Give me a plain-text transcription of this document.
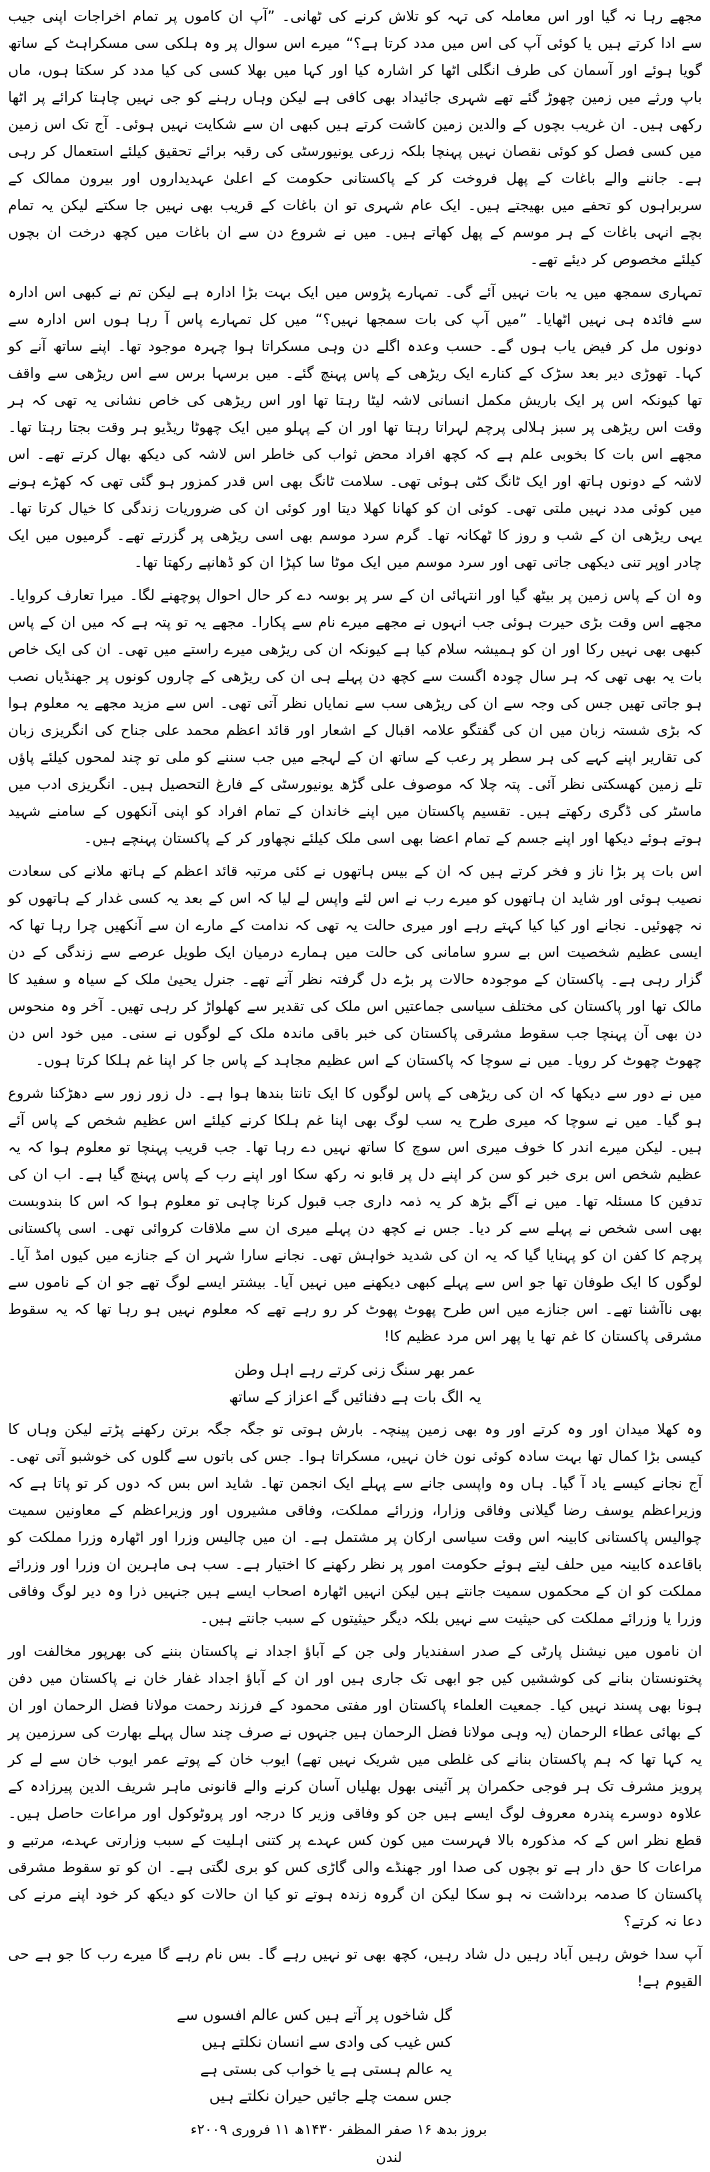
مجھے رہا نہ گیا اور اس معاملہ کی تہہ کو تلاش کرنے کی ٹھانی۔ ”آپ ان کاموں پر تمام اخراجات اپنی جیب سے ادا کرتے ہیں یا کوئی آپ کی اس میں مدد کرتا ہے؟“ میرے اس سوال پر وہ ہلکی سی مسکراہٹ کے ساتھ گویا ہوئے اور آسمان کی طرف انگلی اٹھا کر اشارہ کیا اور کہا میں بھلا کسی کی کیا مدد کر سکتا ہوں، ماں باپ ورثے میں زمین چھوڑ گئے تھے شہری جائیداد بھی کافی ہے لیکن وہاں رہنے کو جی نہیں چاہتا کرائے پر اٹھا رکھی ہیں۔ ان غریب بچوں کے والدین زمین کاشت کرتے ہیں کبھی ان سے شکایت نہیں ہوئی۔ آج تک اس زمین میں کسی فصل کو کوئی نقصان نہیں پہنچا بلکہ زرعی یونیورسٹی کی رقبہ برائے تحقیق کیلئے استعمال کر رہی ہے۔ جاننے والے باغات کے پھل فروخت کر کے پاکستانی حکومت کے اعلیٰ عہدیداروں اور بیرون ممالک کے سربراہوں کو تحفے میں بھیجتے ہیں۔ ایک عام شہری تو ان باغات کے قریب بھی نہیں جا سکتے لیکن یہ تمام بچے انہی باغات کے ہر موسم کے پھل کھاتے ہیں۔ میں نے شروع دن سے ان باغات میں کچھ درخت ان بچوں کیلئے مخصوص کر دیئے تھے۔

تمہاری سمجھ میں یہ بات نہیں آئے گی۔ تمہارے پڑوس میں ایک بہت بڑا ادارہ ہے لیکن تم نے کبھی اس ادارہ سے فائدہ ہی نہیں اٹھایا۔ ”میں آپ کی بات سمجھا نہیں؟“ میں کل تمہارے پاس آ رہا ہوں اس ادارہ سے دونوں مل کر فیض یاب ہوں گے۔ حسب وعدہ اگلے دن وہی مسکراتا ہوا چہرہ موجود تھا۔ اپنے ساتھ آنے کو کہا۔ تھوڑی دیر بعد سڑک کے کنارے ایک ریڑھی کے پاس پہنچ گئے۔ میں برسہا برس سے اس ریڑھی سے واقف تھا کیونکہ اس پر ایک باریش مکمل انسانی لاشہ لیٹا رہتا تھا اور اس ریڑھی کی خاص نشانی یہ تھی کہ ہر وقت اس ریڑھی پر سبز ہلالی پرچم لہراتا رہتا تھا اور ان کے پہلو میں ایک چھوٹا ریڈیو ہر وقت بجتا رہتا تھا۔ مجھے اس بات کا بخوبی علم ہے کہ کچھ افراد محض ثواب کی خاطر اس لاشہ کی دیکھ بھال کرتے تھے۔ اس لاشہ کے دونوں ہاتھ اور ایک ٹانگ کٹی ہوئی تھی۔ سلامت ٹانگ بھی اس قدر کمزور ہو گئی تھی کہ کھڑے ہونے میں کوئی مدد نہیں ملتی تھی۔ کوئی ان کو کھانا کھلا دیتا اور کوئی ان کی ضروریات زندگی کا خیال کرتا تھا۔ یہی ریڑھی ان کے شب و روز کا ٹھکانہ تھا۔ گرم سرد موسم بھی اسی ریڑھی پر گزرتے تھے۔ گرمیوں میں ایک چادر اوپر تنی دیکھی جاتی تھی اور سرد موسم میں ایک موٹا سا کپڑا ان کو ڈھانپے رکھتا تھا۔

وہ ان کے پاس زمین پر بیٹھ گیا اور انتہائی ان کے سر پر بوسہ دے کر حال احوال پوچھنے لگا۔ میرا تعارف کروایا۔ مجھے اس وقت بڑی حیرت ہوئی جب انہوں نے مجھے میرے نام سے پکارا۔ مجھے یہ تو پتہ ہے کہ میں ان کے پاس کبھی بھی نہیں رکا اور ان کو ہمیشہ سلام کیا ہے کیونکہ ان کی ریڑھی میرے راستے میں تھی۔ ان کی ایک خاص بات یہ بھی تھی کہ ہر سال چودہ اگست سے کچھ دن پہلے ہی ان کی ریڑھی کے چاروں کونوں پر جھنڈیاں نصب ہو جاتی تھیں جس کی وجہ سے ان کی ریڑھی سب سے نمایاں نظر آتی تھی۔ اس سے مزید مجھے یہ معلوم ہوا کہ بڑی شستہ زبان میں ان کی گفتگو علامہ اقبال کے اشعار اور قائد اعظم محمد علی جناح کی انگریزی زبان کی تقاریر اپنے کہے کی ہر سطر پر رعب کے ساتھ ان کے لہجے میں جب سننے کو ملی تو چند لمحوں کیلئے پاؤں تلے زمین کھسکتی نظر آئی۔ پتہ چلا کہ موصوف علی گڑھ یونیورسٹی کے فارغ التحصیل ہیں۔ انگریزی ادب میں ماسٹر کی ڈگری رکھتے ہیں۔ تقسیم پاکستان میں اپنے خاندان کے تمام افراد کو اپنی آنکھوں کے سامنے شہید ہوتے ہوئے دیکھا اور اپنے جسم کے تمام اعضا بھی اسی ملک کیلئے نچھاور کر کے پاکستان پہنچے ہیں۔

اس بات پر بڑا ناز و فخر کرتے ہیں کہ ان کے بیس ہاتھوں نے کئی مرتبہ قائد اعظم کے ہاتھ ملانے کی سعادت نصیب ہوئی اور شاید ان ہاتھوں کو میرے رب نے اس لئے واپس لے لیا کہ اس کے بعد یہ کسی غدار کے ہاتھوں کو نہ چھوئیں۔ نجانے اور کیا کیا کہتے رہے اور میری حالت یہ تھی کہ ندامت کے مارے ان سے آنکھیں چرا رہا تھا کہ ایسی عظیم شخصیت اس بے سرو سامانی کی حالت میں ہمارے درمیان ایک طویل عرصے سے زندگی کے دن گزار رہی ہے۔ پاکستان کے موجودہ حالات پر بڑے دل گرفتہ نظر آتے تھے۔ جنرل یحییٰ ملک کے سیاہ و سفید کا مالک تھا اور پاکستان کی مختلف سیاسی جماعتیں اس ملک کی تقدیر سے کھلواڑ کر رہی تھیں۔ آخر وہ منحوس دن بھی آن پہنچا جب سقوط مشرقی پاکستان کی خبر باقی ماندہ ملک کے لوگوں نے سنی۔ میں خود اس دن چھوٹ چھوٹ کر رویا۔ میں نے سوچا کہ پاکستان کے اس عظیم مجاہد کے پاس جا کر اپنا غم ہلکا کرتا ہوں۔

میں نے دور سے دیکھا کہ ان کی ریڑھی کے پاس لوگوں کا ایک تانتا بندھا ہوا ہے۔ دل زور زور سے دھڑکنا شروع ہو گیا۔ میں نے سوچا کہ میری طرح یہ سب لوگ بھی اپنا غم ہلکا کرنے کیلئے اس عظیم شخص کے پاس آئے ہیں۔ لیکن میرے اندر کا خوف میری اس سوچ کا ساتھ نہیں دے رہا تھا۔ جب قریب پہنچا تو معلوم ہوا کہ یہ عظیم شخص اس بری خبر کو سن کر اپنے دل پر قابو نہ رکھ سکا اور اپنے رب کے پاس پہنچ گیا ہے۔ اب ان کی تدفین کا مسئلہ تھا۔ میں نے آگے بڑھ کر یہ ذمہ داری جب قبول کرنا چاہی تو معلوم ہوا کہ اس کا بندوبست بھی اسی شخص نے پہلے سے کر دیا۔ جس نے کچھ دن پہلے میری ان سے ملاقات کروائی تھی۔ اسی پاکستانی پرچم کا کفن ان کو پہنایا گیا کہ یہ ان کی شدید خواہش تھی۔ نجانے سارا شہر ان کے جنازے میں کیوں امڈ آیا۔ لوگوں کا ایک طوفان تھا جو اس سے پہلے کبھی دیکھنے میں نہیں آیا۔ بیشتر ایسے لوگ تھے جو ان کے ناموں سے بھی ناآشنا تھے۔ اس جنازے میں اس طرح پھوٹ پھوٹ کر رو رہے تھے کہ معلوم نہیں ہو رہا تھا کہ یہ سقوط مشرقی پاکستان کا غم تھا یا پھر اس مرد عظیم کا!

عمر بھر سنگ زنی کرتے رہے اہل وطن
یہ الگ بات ہے دفنائیں گے اعزاز کے ساتھ

وہ کھلا میدان اور وہ کرتے اور وہ بھی زمین پینچہ۔ بارش ہوتی تو جگہ جگہ برتن رکھنے پڑتے لیکن وہاں کا کیسی بڑا کمال تھا بہت سادہ کوئی نون خان نہیں، مسکراتا ہوا۔ جس کی باتوں سے گلوں کی خوشبو آتی تھی۔ آج نجانے کیسے یاد آ گیا۔ ہاں وہ واپسی جانے سے پہلے ایک انجمن تھا۔ شاید اس بس کہ دوں کر تو پاتا ہے کہ وزیراعظم یوسف رضا گیلانی وفاقی وزارا، وزرائے مملکت، وفاقی مشیروں اور وزیراعظم کے معاونین سمیت چوالیس پاکستانی کابینہ اس وقت سیاسی ارکان پر مشتمل ہے۔ ان میں چالیس وزرا اور اٹھارہ وزرا مملکت کو باقاعدہ کابینہ میں حلف لیتے ہوئے حکومت امور پر نظر رکھنے کا اختیار ہے۔ سب ہی ماہرین ان وزرا اور وزرائے مملکت کو ان کے محکموں سمیت جانتے ہیں لیکن انہیں اٹھارہ اصحاب ایسے ہیں جنہیں ذرا وہ دیر لوگ وفاقی وزرا یا وزرائے مملکت کی حیثیت سے نہیں بلکہ دیگر حیثیتوں کے سبب جانتے ہیں۔

ان ناموں میں نیشنل پارٹی کے صدر اسفندیار ولی جن کے آباؤ اجداد نے پاکستان بننے کی بھرپور مخالفت اور پختونستان بنانے کی کوششیں کیں جو ابھی تک جاری ہیں اور ان کے آباؤ اجداد غفار خان نے پاکستان میں دفن ہونا بھی پسند نہیں کیا۔ جمعیت العلماء پاکستان اور مفتی محمود کے فرزند رحمت مولانا فضل الرحمان اور ان کے بھائی عطاء الرحمان (یہ وہی مولانا فضل الرحمان ہیں جنہوں نے صرف چند سال پہلے بھارت کی سرزمین پر یہ کہا تھا کہ ہم پاکستان بنانے کی غلطی میں شریک نہیں تھے) ایوب خان کے پوتے عمر ایوب خان سے لے کر پرویز مشرف تک ہر فوجی حکمران پر آئینی بھول بھلیاں آسان کرنے والے قانونی ماہر شریف الدین پیرزادہ کے علاوہ دوسرے پندرہ معروف لوگ ایسے ہیں جن کو وفاقی وزیر کا درجہ اور پروٹوکول اور مراعات حاصل ہیں۔ قطع نظر اس کے کہ مذکورہ بالا فہرست میں کون کس عہدے پر کتنی اہلیت کے سبب وزارتی عہدے، مرتبے و مراعات کا حق دار ہے تو بچوں کی صدا اور جھنڈے والی گاڑی کس کو بری لگتی ہے۔ ان کو تو سقوط مشرقی پاکستان کا صدمہ برداشت نہ ہو سکا لیکن ان گروہ زندہ ہوتے تو کیا ان حالات کو دیکھ کر خود اپنے مرنے کی دعا نہ کرتے؟

آپ سدا خوش رہیں آباد رہیں دل شاد رہیں، کچھ بھی تو نہیں رہے گا۔ بس نام رہے گا میرے رب کا جو ہے حی القیوم ہے!

گل شاخوں پر آتے ہیں کس عالم افسوں سے
کس غیب کی وادی سے انسان نکلتے ہیں
یہ عالم ہستی ہے یا خواب کی بستی ہے
جس سمت چلے جائیں حیران نکلتے ہیں
بروز بدھ ۱۶ صفر المظفر ۱۴۳۰ھ ۱۱ فروری ۲۰۰۹ء
لندن
